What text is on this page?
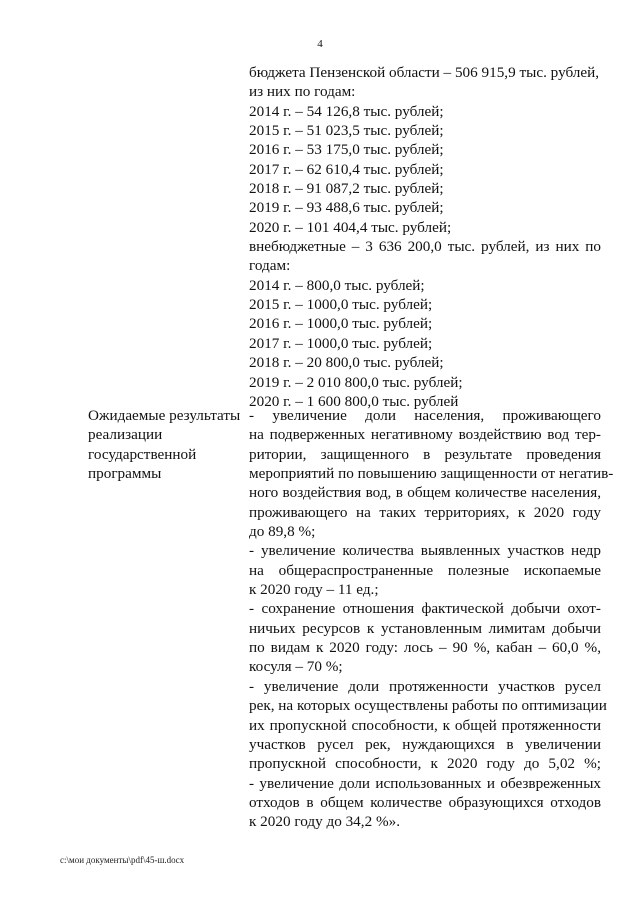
4
бюджета Пензенской области – 506 915,9 тыс. рублей,
из них по годам:
2014 г. – 54 126,8 тыс. рублей;
2015 г. – 51 023,5 тыс. рублей;
2016 г. – 53 175,0 тыс. рублей;
2017 г. – 62 610,4 тыс. рублей;
2018 г. – 91 087,2 тыс. рублей;
2019 г. – 93 488,6 тыс. рублей;
2020 г. – 101 404,4 тыс. рублей;
внебюджетные – 3 636 200,0 тыс. рублей, из них по
годам:
2014 г. – 800,0 тыс. рублей;
2015 г. – 1000,0 тыс. рублей;
2016 г. – 1000,0 тыс. рублей;
2017 г. – 1000,0 тыс. рублей;
2018 г. – 20 800,0 тыс. рублей;
2019 г. – 2 010 800,0 тыс. рублей;
2020 г. – 1 600 800,0 тыс. рублей
Ожидаемые результаты
реализации
государственной
программы
- увеличение доли населения, проживающего
на подверженных негативному воздействию вод тер-
ритории, защищенного в результате проведения
мероприятий по повышению защищенности от негатив-
ного воздействия вод, в общем количестве населения,
проживающего на таких территориях, к 2020 году
до 89,8 %;
- увеличение количества выявленных участков недр
на общераспространенные полезные ископаемые
к 2020 году – 11 ед.;
- сохранение отношения фактической добычи охот-
ничьих ресурсов к установленным лимитам добычи
по видам к 2020 году: лось – 90 %, кабан – 60,0 %,
косуля – 70 %;
- увеличение доли протяженности участков русел
рек, на которых осуществлены работы по оптимизации
их пропускной способности, к общей протяженности
участков русел рек, нуждающихся в увеличении
пропускной способности, к 2020 году до 5,02 %;
- увеличение доли использованных и обезвреженных
отходов в общем количестве образующихся отходов
к 2020 году до 34,2 %».
c:\мои документы\pdf\45-ш.docx
